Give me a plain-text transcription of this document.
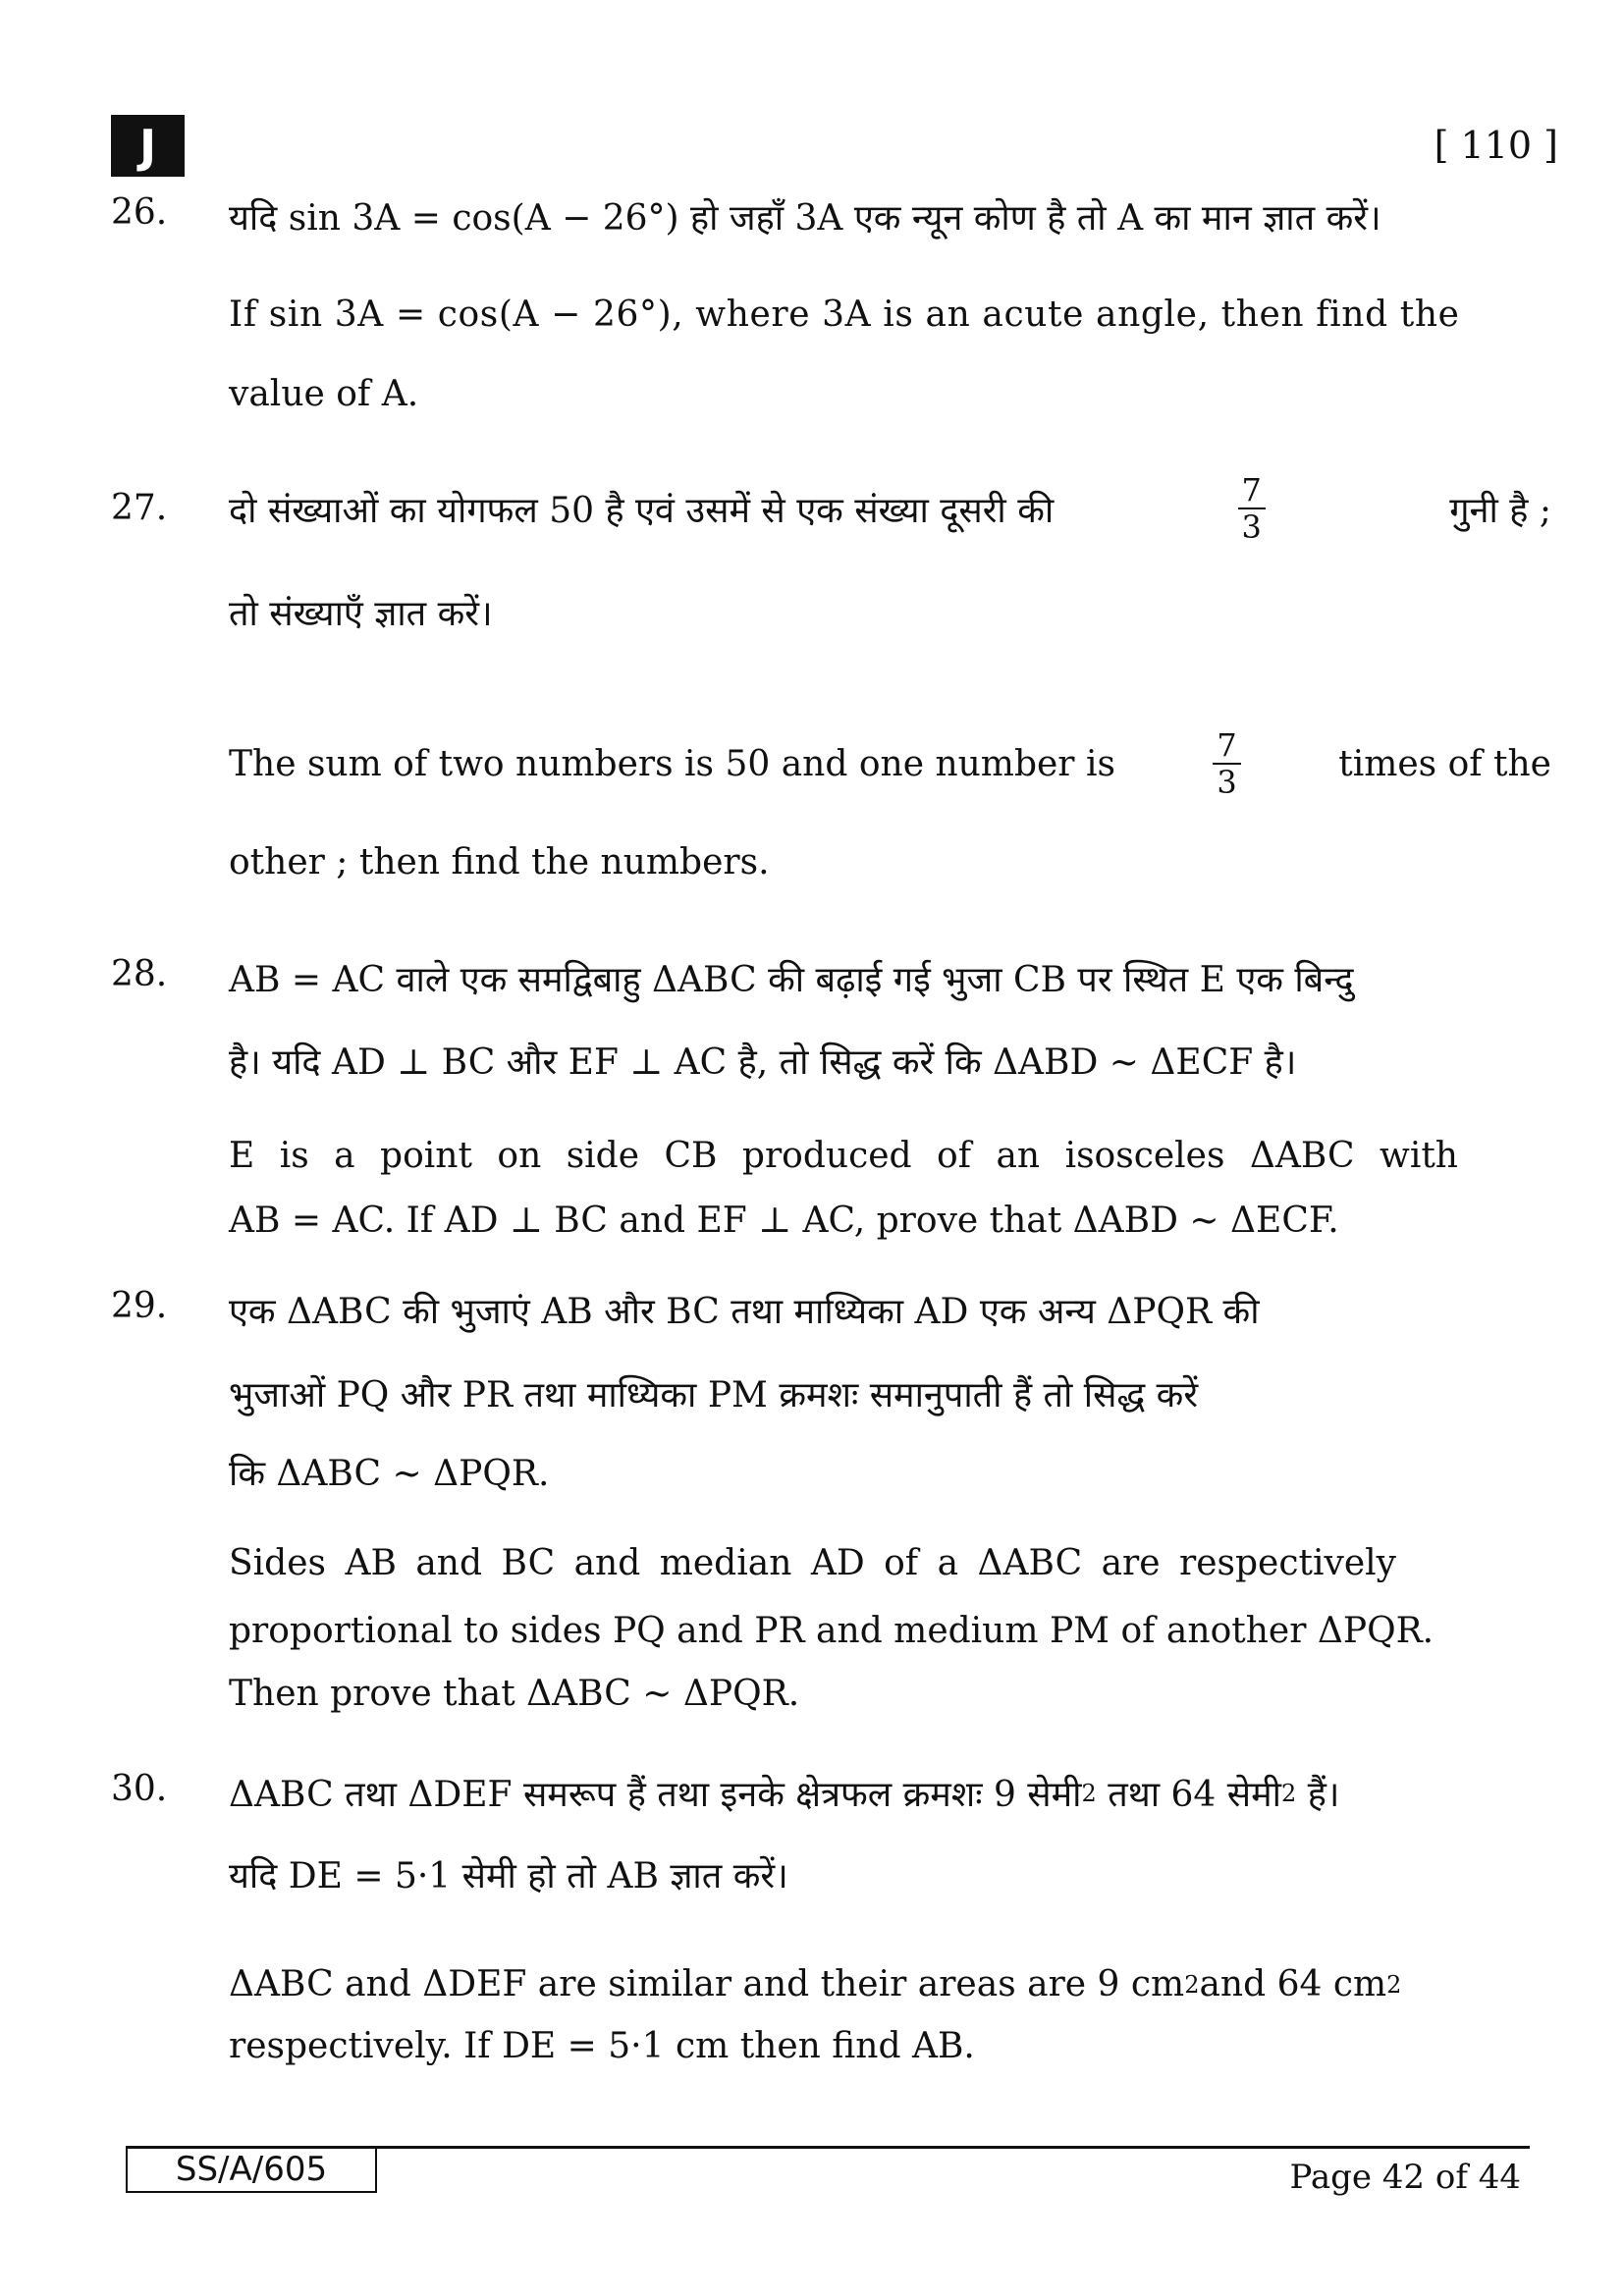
J	[ 110 ]
26. यदि sin 3A = cos(A − 26°) हो जहाँ 3A एक न्यून कोण है तो A का मान ज्ञात करें।
If sin 3A = cos(A − 26°), where 3A is an acute angle, then find the
value of A.
27. दो संख्याओं का योगफल 50 है एवं उसमें से एक संख्या दूसरी की	$\frac{7}{3}$	गुनी है ;
तो संख्याएँ ज्ञात करें।
The sum of two numbers is 50 and one number is	$\frac{7}{3}$	times of the
other ; then find the numbers.
28. AB = AC वाले एक समद्विबाहु ΔABC की बढ़ाई गई भुजा CB पर स्थित E एक बिन्दु
है। यदि AD ⊥ BC और EF ⊥ AC है, तो सिद्ध करें कि ΔABD ~ ΔECF है।
E is a point on side CB produced of an isosceles ΔABC with
AB = AC. If AD ⊥ BC and EF ⊥ AC, prove that ΔABD ~ ΔECF.
29. एक ΔABC की भुजाएं AB और BC तथा माध्यिका AD एक अन्य ΔPQR की
भुजाओं PQ और PR तथा माध्यिका PM क्रमशः समानुपाती हैं तो सिद्ध करें
कि ΔABC ~ ΔPQR.
Sides AB and BC and median AD of a ΔABC are respectively
proportional to sides PQ and PR and medium PM of another ΔPQR.
Then prove that ΔABC ~ ΔPQR.
30. ΔABC तथा ΔDEF समरूप हैं तथा इनके क्षेत्रफल क्रमशः 9 सेमी 2 तथा 64 सेमी 2 हैं।
यदि DE = 5·1 सेमी हो तो AB ज्ञात करें।
ΔABC and ΔDEF are similar and their areas are 9 cm 2 and 64 cm 2
respectively. If DE = 5·1 cm then find AB.
SS/A/605	Page 42 of 44
